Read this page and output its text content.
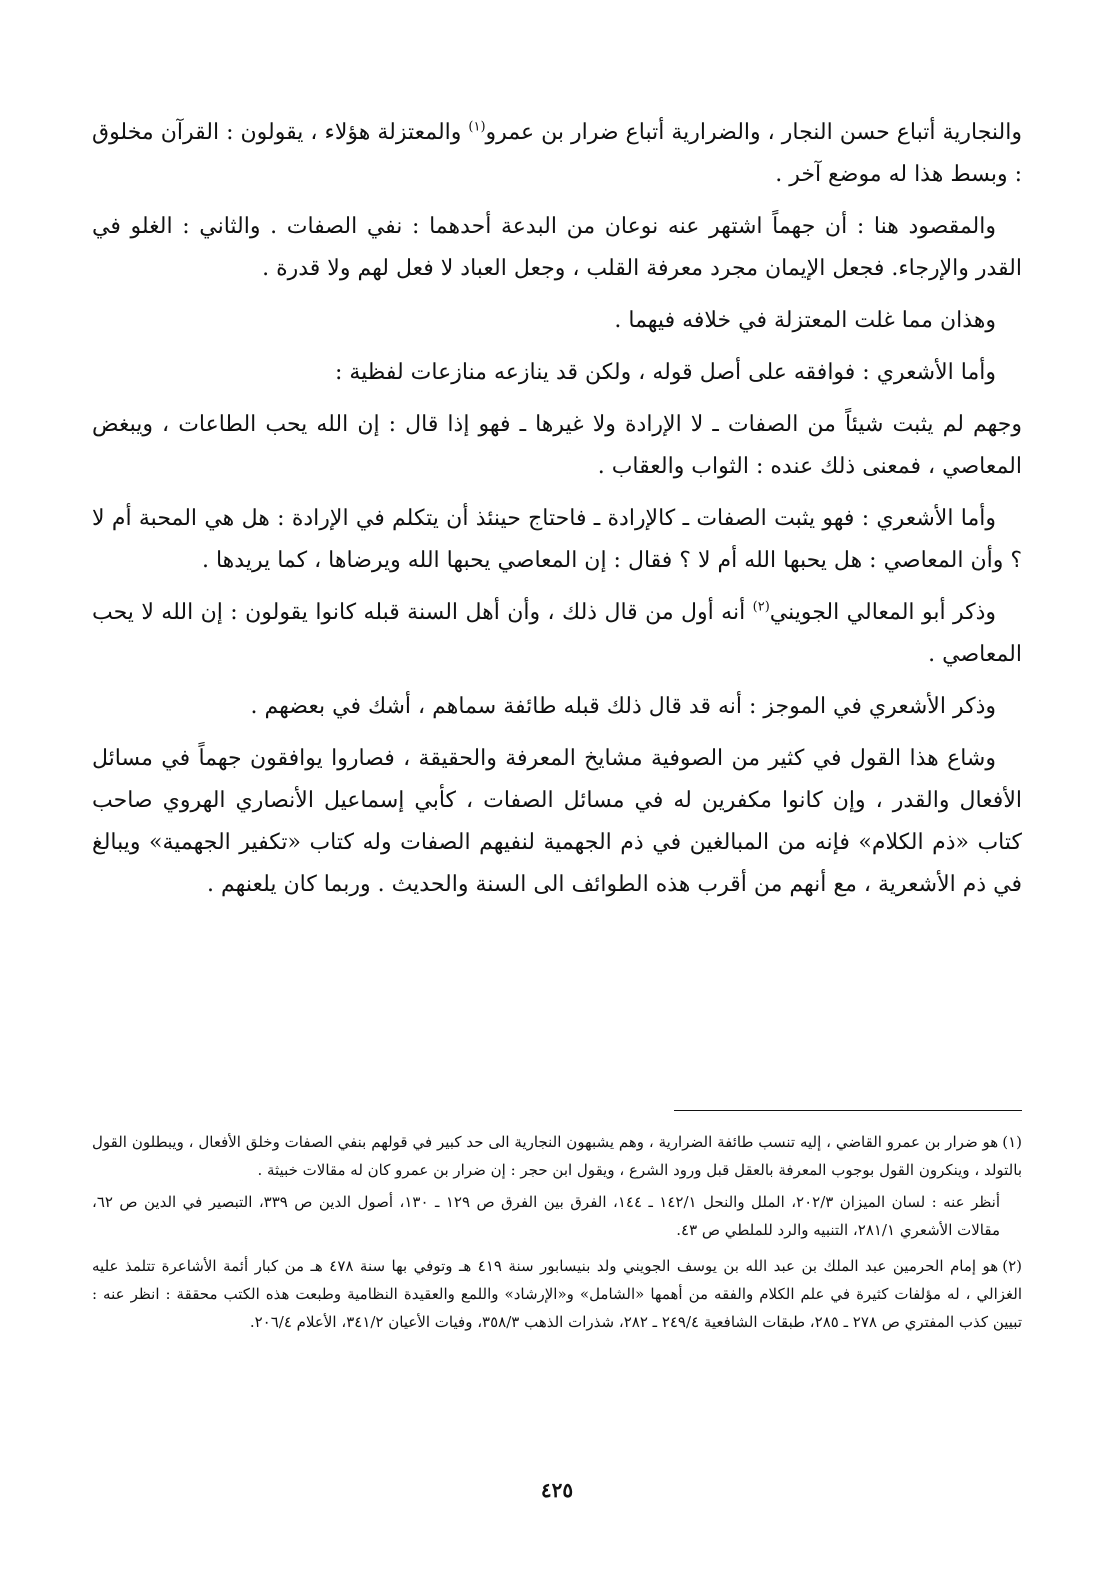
والنجارية أتباع حسن النجار ، والضرارية أتباع ضرار بن عمرو$^{(١)}$ والمعتزلة هؤلاء ، يقولون : القرآن مخلوق : وبسط هذا له موضع آخر .

والمقصود هنا : أن جهماً اشتهر عنه نوعان من البدعة أحدهما : نفي الصفات . والثاني : الغلو في القدر والإرجاء. فجعل الإيمان مجرد معرفة القلب ، وجعل العباد لا فعل لهم ولا قدرة .

وهذان مما غلت المعتزلة في خلافه فيهما .

وأما الأشعري : فوافقه على أصل قوله ، ولكن قد ينازعه منازعات لفظية :

وجهم لم يثبت شيئاً من الصفات ـ لا الإرادة ولا غيرها ـ فهو إذا قال : إن الله يحب الطاعات ، ويبغض المعاصي ، فمعنى ذلك عنده : الثواب والعقاب .

وأما الأشعري : فهو يثبت الصفات ـ كالإرادة ـ فاحتاج حينئذ أن يتكلم في الإرادة : هل هي المحبة أم لا ؟ وأن المعاصي : هل يحبها الله أم لا ؟ فقال : إن المعاصي يحبها الله ويرضاها ، كما يريدها .

وذكر أبو المعالي الجويني$^{(٢)}$ أنه أول من قال ذلك ، وأن أهل السنة قبله كانوا يقولون : إن الله لا يحب المعاصي .

وذكر الأشعري في الموجز : أنه قد قال ذلك قبله طائفة سماهم ، أشك في بعضهم .

وشاع هذا القول في كثير من الصوفية مشايخ المعرفة والحقيقة ، فصاروا يوافقون جهماً في مسائل الأفعال والقدر ، وإن كانوا مكفرين له في مسائل الصفات ، كأبي إسماعيل الأنصاري الهروي صاحب كتاب «ذم الكلام» فإنه من المبالغين في ذم الجهمية لنفيهم الصفات وله كتاب «تكفير الجهمية» ويبالغ في ذم الأشعرية ، مع أنهم من أقرب هذه الطوائف الى السنة والحديث . وربما كان يلعنهم .

(١)هو ضرار بن عمرو القاضي ، إليه تنسب طائفة الضرارية ، وهم يشبهون النجارية الى حد كبير في قولهم بنفي الصفات وخلق الأفعال ، ويبطلون القول بالتولد ، وينكرون القول بوجوب المعرفة بالعقل قبل ورود الشرع ، ويقول ابن حجر : إن ضرار بن عمرو كان له مقالات خبيثة .

أنظر عنه : لسان الميزان ٢٠٢/٣، الملل والنحل ١٤٢/١ ـ ١٤٤، الفرق بين الفرق ص ١٢٩ ـ ١٣٠، أصول الدين ص ٣٣٩، التبصير في الدين ص ٦٢، مقالات الأشعري ٢٨١/١، التنبيه والرد للملطي ص ٤٣.

(٢)هو إمام الحرمين عبد الملك بن عبد الله بن يوسف الجويني ولد بنيسابور سنة ٤١٩ هـ وتوفي بها سنة ٤٧٨ هـ من كبار أئمة الأشاعرة تتلمذ عليه الغزالي ، له مؤلفات كثيرة في علم الكلام والفقه من أهمها «الشامل» و«الإرشاد» واللمع والعقيدة النظامية وطبعت هذه الكتب محققة : انظر عنه : تبيين كذب المفتري ص ٢٧٨ ـ ٢٨٥، طبقات الشافعية ٢٤٩/٤ ـ ٢٨٢، شذرات الذهب ٣٥٨/٣، وفيات الأعيان ٣٤١/٢، الأعلام ٢٠٦/٤.

٤٢٥
